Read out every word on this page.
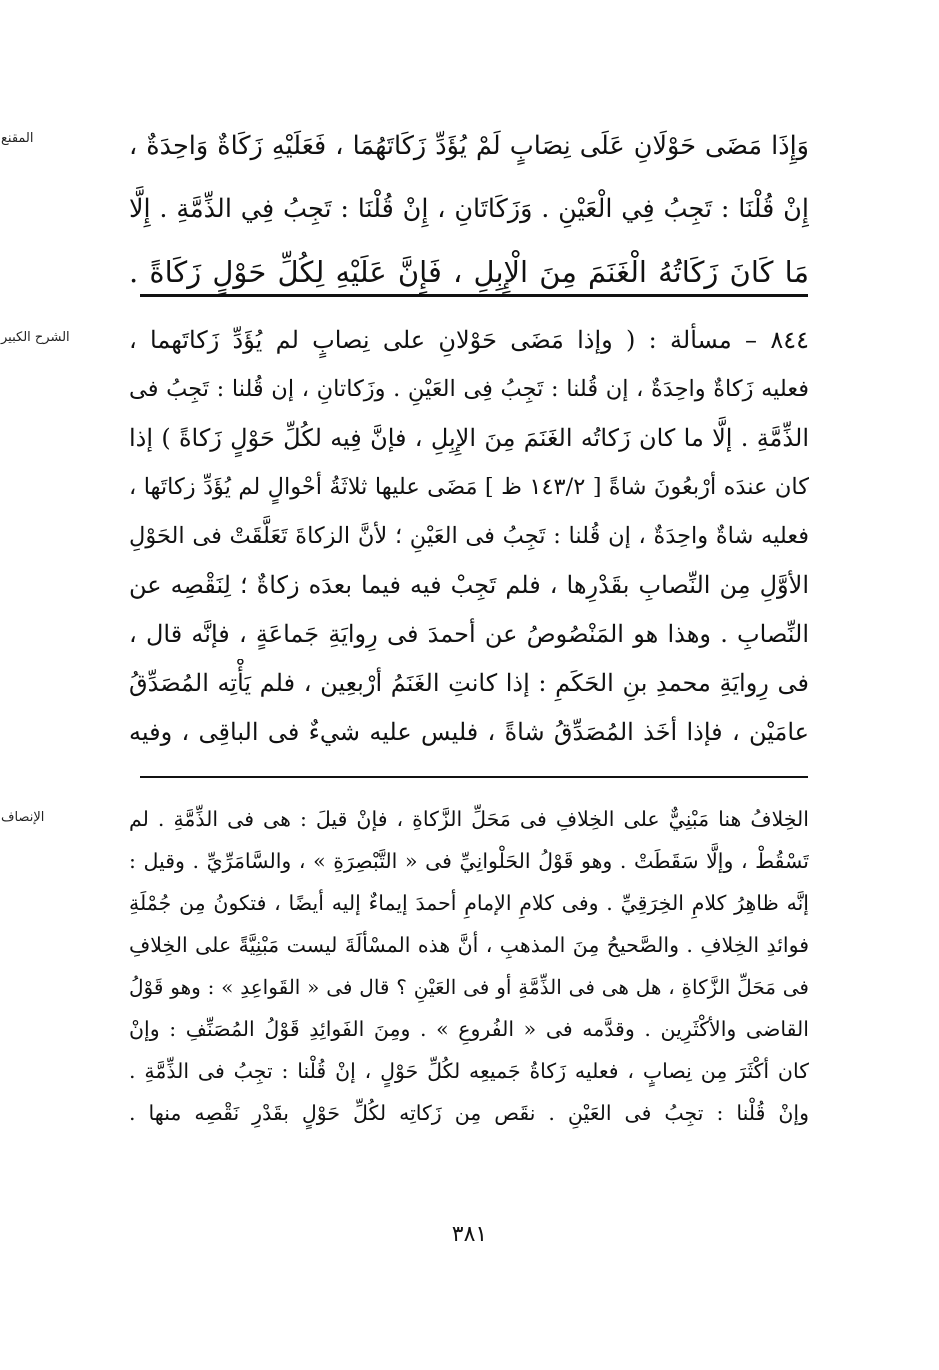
المقنع	وَإِذَا مَضَى حَوْلَانِ عَلَى نِصَابٍ لَمْ يُؤَدِّ زَكَاتَهُمَا ، فَعَلَيْهِ زَكَاةٌ وَاحِدَةٌ ،
إِنْ قُلْنَا : تَجِبُ فِي الْعَيْنِ . وَزَكَاتَانِ ، إِنْ قُلْنَا : تَجِبُ فِي الذِّمَّةِ . إِلَّا
مَا كَانَ زَكَاتُهُ الْغَنَمَ مِنَ الْإِبِلِ ، فَإِنَّ عَلَيْهِ لِكُلِّ حَوْلٍ زَكَاةً .
الشرح الكبير	٨٤٤ – مسألة : ( وإذا مَضَى حَوْلانِ على نِصابٍ لم يُؤَدِّ زَكاتَهما ،
فعليه زَكاةٌ واحِدَةٌ ، إن قُلنا : تَجِبُ فِى العَيْنِ . وزَكاتانِ ، إن قُلنا : تَجِبُ فى
الذِّمَّةِ . إلَّا ما كان زَكاتُه الغَنَمَ مِنَ الإِبِلِ ، فإنَّ فِيه لكُلِّ حَوْلٍ زَكاةً ) إذا
كان عندَه أرْبعُونَ شاةً [ ١٤٣/٢ ظ ] مَضَى عليها ثلاثَةُ أحْوالٍ لم يُؤَدِّ زكاتَها ،
فعليه شاةٌ واحِدَةٌ ، إن قُلنا : تَجِبُ فى العَيْنِ ؛ لأنَّ الزكاةَ تَعَلَّقَتْ فى الحَوْلِ
الأوَّلِ مِن النِّصابِ بقَدْرِها ، فلم تَجِبْ فيه فيما بعدَه زكاةٌ ؛ لِنَقْصِه عن
النِّصابِ . وهذا هو المَنْصُوصُ عن أحمدَ فى رِوايَةِ جَماعَةٍ ، فإنَّه قال ،
فى رِوايَةِ محمدِ بنِ الحَكَمِ : إذا كانتِ الغَنَمُ أرْبعِين ، فلم يَأْتِه المُصَدِّقُ
عامَيْن ، فإذا أخَذ المُصَدِّقُ شاةً ، فليس عليه شيءٌ فى الباقِى ، وفيه
الإنصاف	الخِلافُ هنا مَبْنِيٌّ على الخِلافِ فى مَحَلِّ الزَّكاةِ ، فإنْ قيلَ : هى فى الذِّمَّةِ . لم
تَسْقُطْ ، وإلَّا سَقَطَتْ . وهو قَوْلُ الحَلْوانِيِّ فى « التَّبْصِرَةِ » ، والسَّامَرِّيِّ . وقيل :
إنَّه ظاهِرُ كلامِ الخِرَقِيِّ . وفى كلامِ الإمامِ أحمدَ إيماءٌ إليه أيضًا ، فتكونُ مِن جُمْلَةِ
فوائدِ الخِلافِ . والصَّحيحُ مِنَ المذهبِ ، أنَّ هذه المسْألَةَ ليست مَبْنِيَّةً على الخِلافِ
فى مَحَلِّ الزَّكاةِ ، هل هى فى الذِّمَّةِ أو فى العَيْنِ ؟ قال فى « القَواعِدِ » : وهو قَوْلُ
القاضى والأكْثَرِين . وقدَّمه فى « الفُروعِ » . ومِنَ الفَوائِدِ قَوْلُ المُصَنِّفِ : وإنْ
كان أكْثَرَ مِن نِصابٍ ، فعليه زَكاةُ جَميعِه لكُلِّ حَوْلٍ ، إنْ قُلْنا : تجِبُ فى الذِّمَّةِ .
وإنْ قُلْنا : تجِبُ فى العَيْنِ . نقَص مِن زَكاتِه لكُلِّ حَوْلٍ بقَدْرِ نَقْصِه منها .
٣٨١
